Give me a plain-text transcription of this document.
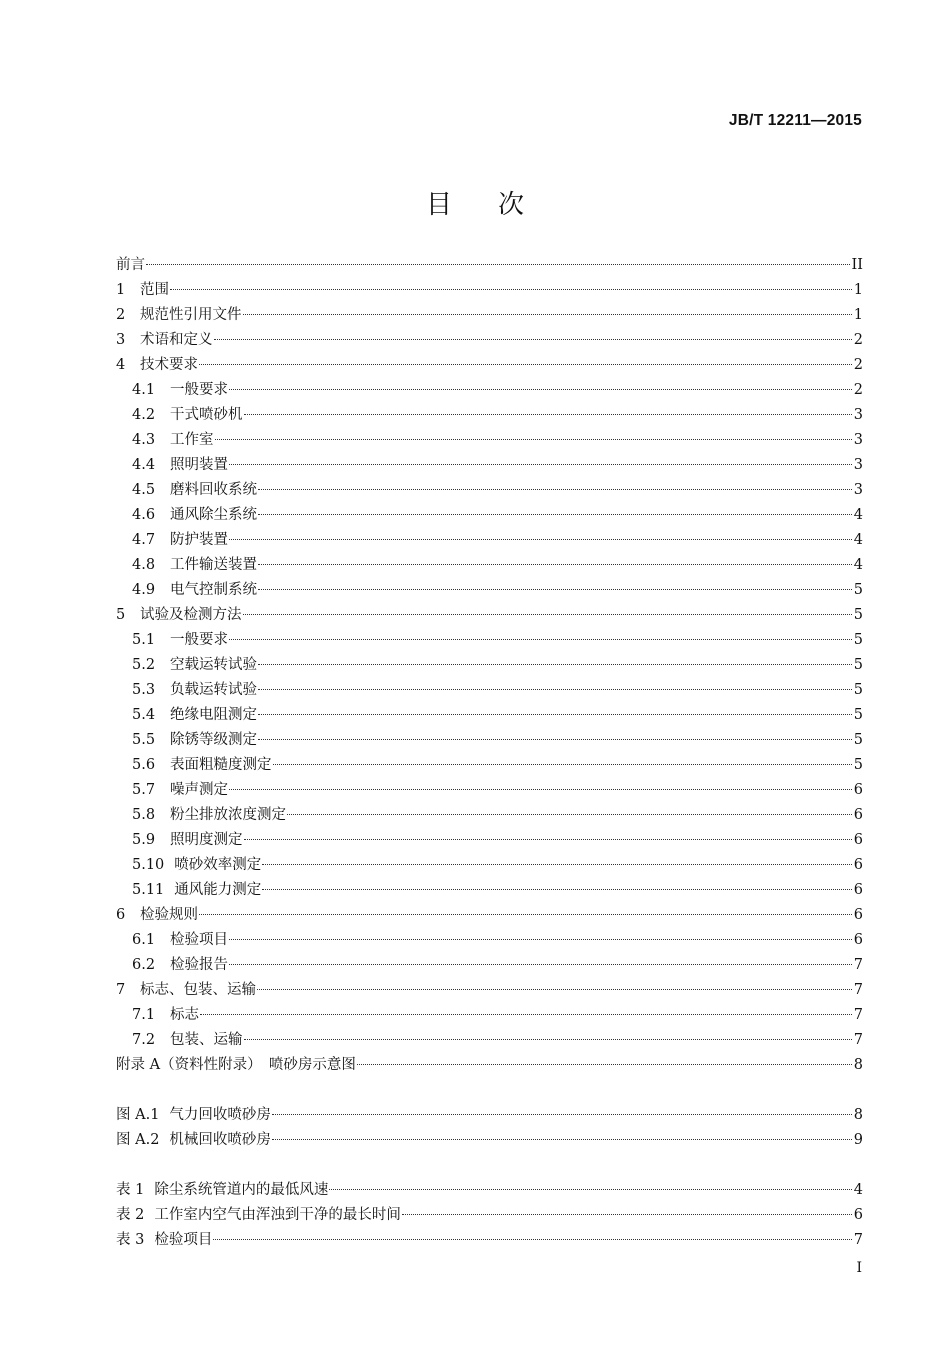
JB/T 12211—2015
目次
前言	II
1	范围	1
2	规范性引用文件	1
3	术语和定义	2
4	技术要求	2
4.1	一般要求	2
4.2	干式喷砂机	3
4.3	工作室	3
4.4	照明装置	3
4.5	磨料回收系统	3
4.6	通风除尘系统	4
4.7	防护装置	4
4.8	工件输送装置	4
4.9	电气控制系统	5
5	试验及检测方法	5
5.1	一般要求	5
5.2	空载运转试验	5
5.3	负载运转试验	5
5.4	绝缘电阻测定	5
5.5	除锈等级测定	5
5.6	表面粗糙度测定	5
5.7	噪声测定	6
5.8	粉尘排放浓度测定	6
5.9	照明度测定	6
5.10 喷砂效率测定	6
5.11 通风能力测定	6
6	检验规则	6
6.1	检验项目	6
6.2	检验报告	7
7	标志、包装、运输	7
7.1	标志	7
7.2	包装、运输	7
附录 A（资料性附录）　喷砂房示意图	8
图 A.1 气力回收喷砂房	8
图 A.2 机械回收喷砂房	9
表 1 除尘系统管道内的最低风速	4
表 2 工作室内空气由浑浊到干净的最长时间	6
表 3 检验项目	7
I
